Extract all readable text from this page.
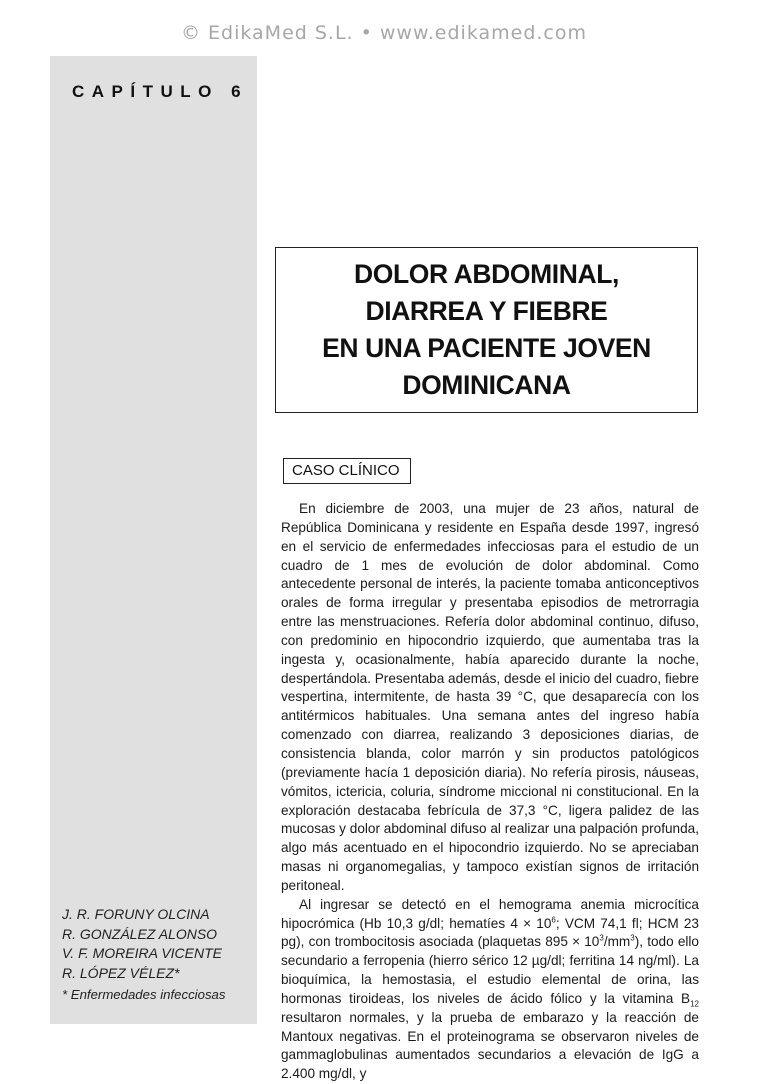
© EdikaMed S.L. • www.edikamed.com
CAPÍTULO 6
DOLOR ABDOMINAL,
DIARREA Y FIEBRE
EN UNA PACIENTE JOVEN
DOMINICANA
CASO CLÍNICO

En diciembre de 2003, una mujer de 23 años, natural de República Dominicana y residente en España desde 1997, ingresó en el servicio de enfermedades infecciosas para el estudio de un cuadro de 1 mes de evolución de dolor abdominal. Como antecedente personal de interés, la paciente tomaba anticonceptivos orales de forma irregular y presentaba episodios de metrorragia entre las menstruaciones. Refería dolor abdominal continuo, difuso, con predominio en hipocondrio izquierdo, que aumentaba tras la ingesta y, ocasionalmente, había aparecido durante la noche, despertándola. Presentaba además, desde el inicio del cuadro, fiebre vespertina, intermitente, de hasta 39 °C, que desaparecía con los antitérmicos habituales. Una semana antes del ingreso había comenzado con diarrea, realizando 3 deposiciones diarias, de consistencia blanda, color marrón y sin productos patológicos (previamente hacía 1 deposición diaria). No refería pirosis, náuseas, vómitos, ictericia, coluria, síndrome miccional ni constitucional. En la exploración destacaba febrícula de 37,3 °C, ligera palidez de las mucosas y dolor abdominal difuso al realizar una palpación profunda, algo más acentuado en el hipocondrio izquierdo. No se apreciaban masas ni organomegalias, y tampoco existían signos de irritación peritoneal.

Al ingresar se detectó en el hemograma anemia microcítica hipocrómica (Hb 10,3 g/dl; hematíes $4 \times 10^6$; VCM 74,1 fl; HCM 23 pg), con trombocitosis asociada (plaquetas $895 \times 10^3/mm^3$), todo ello secundario a ferropenia (hierro sérico 12 µg/dl; ferritina 14 ng/ml). La bioquímica, la hemostasia, el estudio elemental de orina, las hormonas tiroideas, los niveles de ácido fólico y la vitamina $B_{12}$ resultaron normales, y la prueba de embarazo y la reacción de Mantoux negativas. En el proteinograma se observaron niveles de gammaglobulinas aumentados secundarios a elevación de IgG a 2.400 mg/dl, y

J. R. FORUNY OLCINA
R. GONZÁLEZ ALONSO
V. F. MOREIRA VICENTE
R. LÓPEZ VÉLEZ*
* Enfermedades infecciosas
